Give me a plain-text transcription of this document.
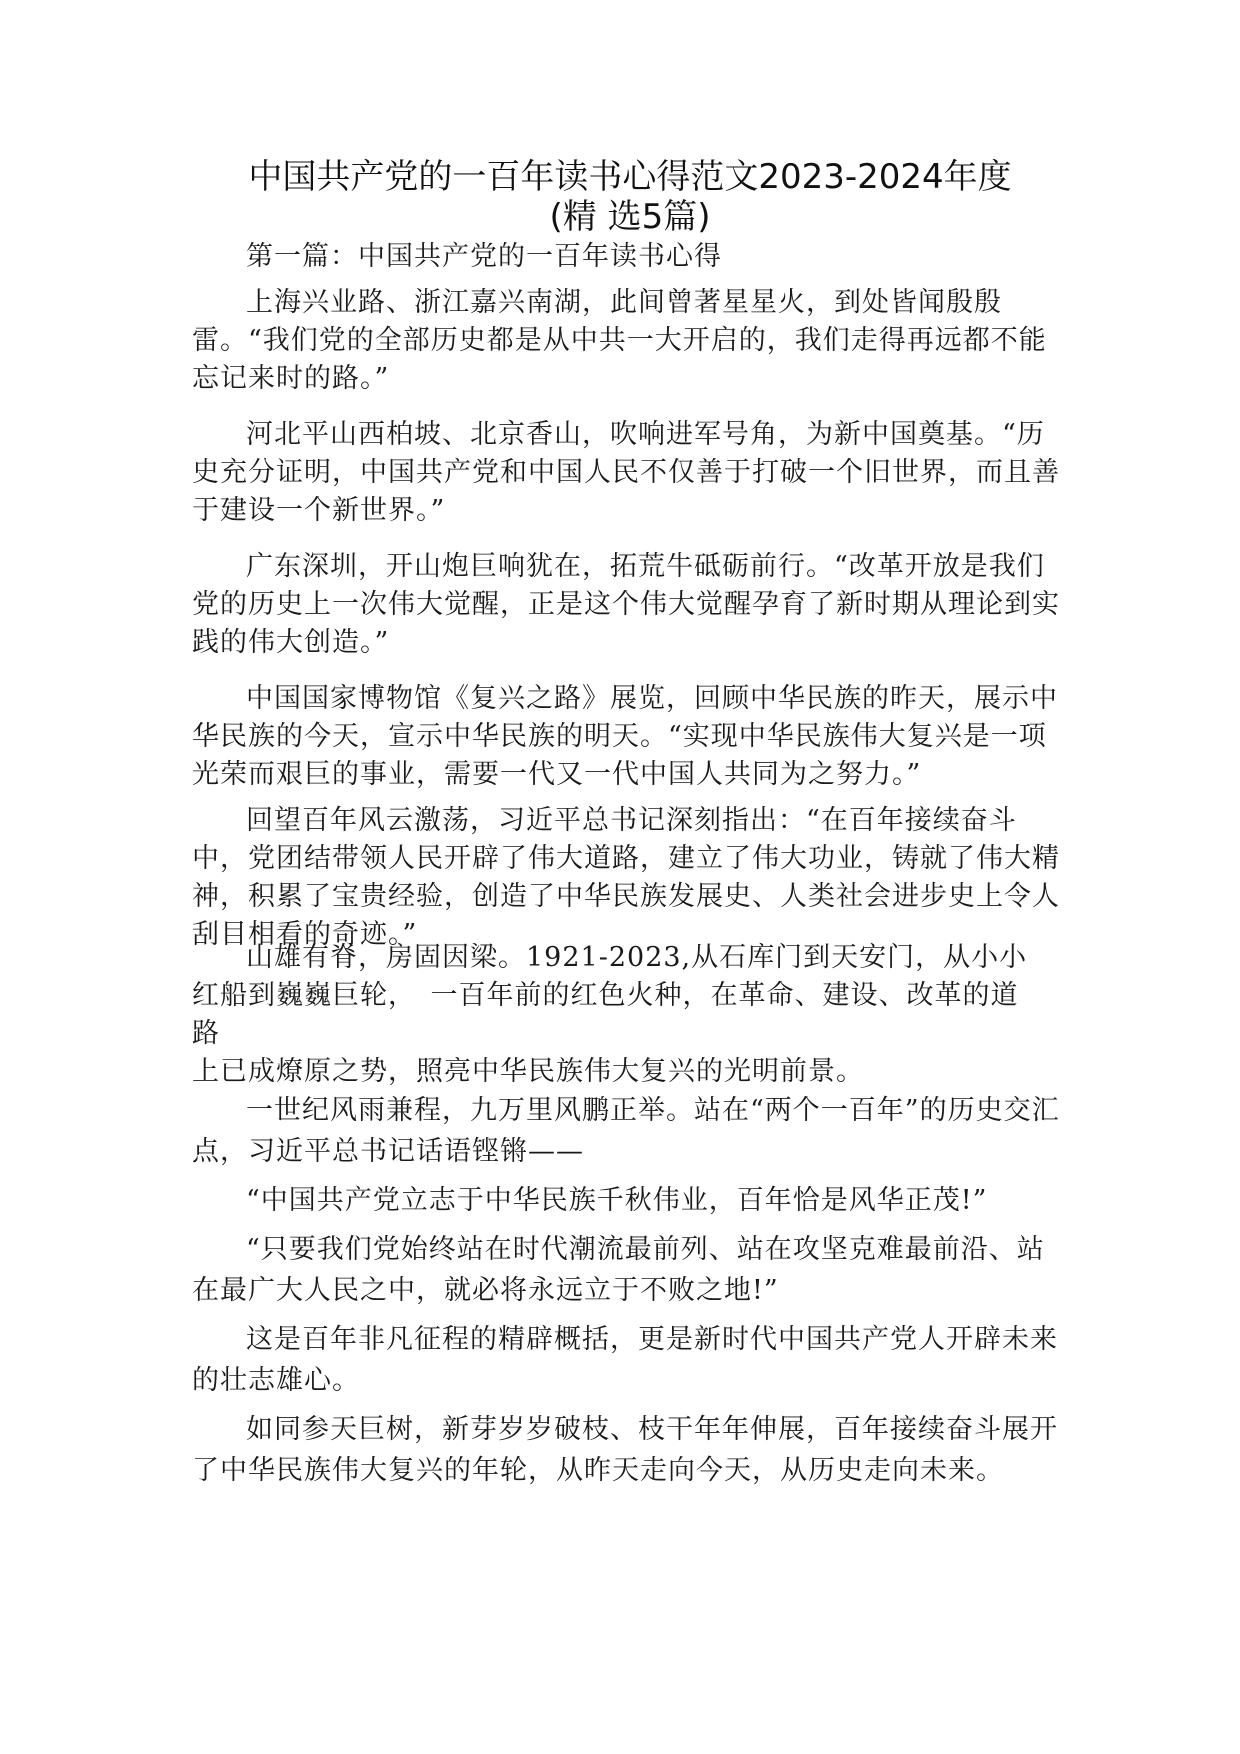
中国共产党的一百年读书心得范文2023-2024年度
(精 选5篇)

第一篇：中国共产党的一百年读书心得

上海兴业路、浙江嘉兴南湖，此间曾著星星火，到处皆闻殷殷雷。“我们党的全部历史都是从中共一大开启的，我们走得再远都不能忘记来时的路。”

河北平山西柏坡、北京香山，吹响进军号角，为新中国奠基。“历史充分证明，中国共产党和中国人民不仅善于打破一个旧世界，而且善于建设一个新世界。”

广东深圳，开山炮巨响犹在，拓荒牛砥砺前行。“改革开放是我们党的历史上一次伟大觉醒，正是这个伟大觉醒孕育了新时期从理论到实践的伟大创造。”

中国国家博物馆《复兴之路》展览，回顾中华民族的昨天，展示中华民族的今天，宣示中华民族的明天。“实现中华民族伟大复兴是一项光荣而艰巨的事业，需要一代又一代中国人共同为之努力。”

回望百年风云激荡，习近平总书记深刻指出：“在百年接续奋斗中，党团结带领人民开辟了伟大道路，建立了伟大功业，铸就了伟大精神，积累了宝贵经验，创造了中华民族发展史、人类社会进步史上令人刮目相看的奇迹。”

山雄有脊，房固因梁。1921-2023,从石库门到天安门，从小小

红船到巍巍巨轮，　一百年前的红色火种，在革命、建设、改革的道

路

上已成燎原之势，照亮中华民族伟大复兴的光明前景。

一世纪风雨兼程，九万里风鹏正举。站在“两个一百年”的历史交汇点，习近平总书记话语铿锵——

“中国共产党立志于中华民族千秋伟业，百年恰是风华正茂!”

“只要我们党始终站在时代潮流最前列、站在攻坚克难最前沿、站在最广大人民之中，就必将永远立于不败之地!”

这是百年非凡征程的精辟概括，更是新时代中国共产党人开辟未来的壮志雄心。

如同参天巨树，新芽岁岁破枝、枝干年年伸展，百年接续奋斗展开了中华民族伟大复兴的年轮，从昨天走向今天，从历史走向未来。
